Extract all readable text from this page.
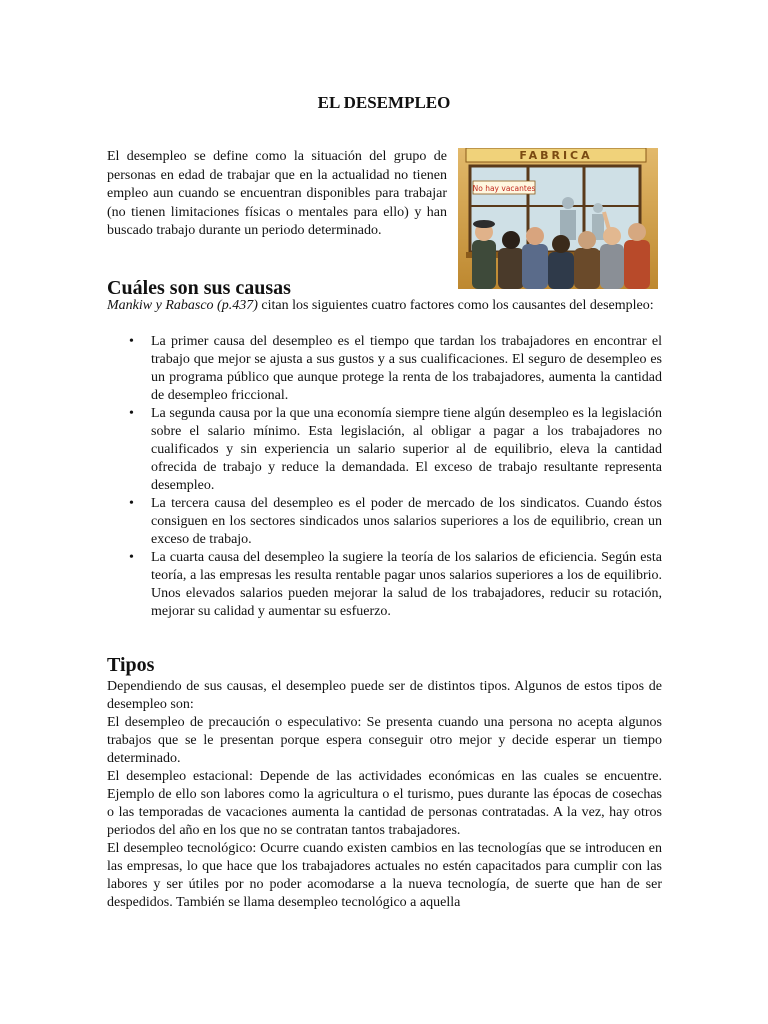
EL DESEMPLEO

El desempleo se define como la situación del grupo de personas en edad de trabajar que en la actualidad no tienen empleo aun cuando se encuentran disponibles para trabajar (no tienen limitaciones físicas o mentales para ello) y han buscado trabajo durante un periodo determinado.

FABRICA
No hay vacantes
Cuáles son sus causas

Mankiw y Rabasco (p.437) citan los siguientes cuatro factores como los causantes del desempleo:

• La primer causa del desempleo es el tiempo que tardan los trabajadores en encontrar el trabajo que mejor se ajusta a sus gustos y a sus cualificaciones. El seguro de desempleo es un programa público que aunque protege la renta de los trabajadores, aumenta la cantidad de desempleo friccional.
• La segunda causa por la que una economía siempre tiene algún desempleo es la legislación sobre el salario mínimo. Esta legislación, al obligar a pagar a los trabajadores no cualificados y sin experiencia un salario superior al de equilibrio, eleva la cantidad ofrecida de trabajo y reduce la demandada. El exceso de trabajo resultante representa desempleo.
• La tercera causa del desempleo es el poder de mercado de los sindicatos. Cuando éstos consiguen en los sectores sindicados unos salarios superiores a los de equilibrio, crean un exceso de trabajo.
• La cuarta causa del desempleo la sugiere la teoría de los salarios de eficiencia. Según esta teoría, a las empresas les resulta rentable pagar unos salarios superiores a los de equilibrio. Unos elevados salarios pueden mejorar la salud de los trabajadores, reducir su rotación, mejorar su calidad y aumentar su esfuerzo.
Tipos

Dependiendo de sus causas, el desempleo puede ser de distintos tipos. Algunos de estos tipos de desempleo son:

El desempleo de precaución o especulativo: Se presenta cuando una persona no acepta algunos trabajos que se le presentan porque espera conseguir otro mejor y decide esperar un tiempo determinado.

El desempleo estacional: Depende de las actividades económicas en las cuales se encuentre. Ejemplo de ello son labores como la agricultura o el turismo, pues durante las épocas de cosechas o las temporadas de vacaciones aumenta la cantidad de personas contratadas. A la vez, hay otros periodos del año en los que no se contratan tantos trabajadores.

El desempleo tecnológico: Ocurre cuando existen cambios en las tecnologías que se introducen en las empresas, lo que hace que los trabajadores actuales no estén capacitados para cumplir con las labores y ser útiles por no poder acomodarse a la nueva tecnología, de suerte que han de ser despedidos. También se llama desempleo tecnológico a aquella
